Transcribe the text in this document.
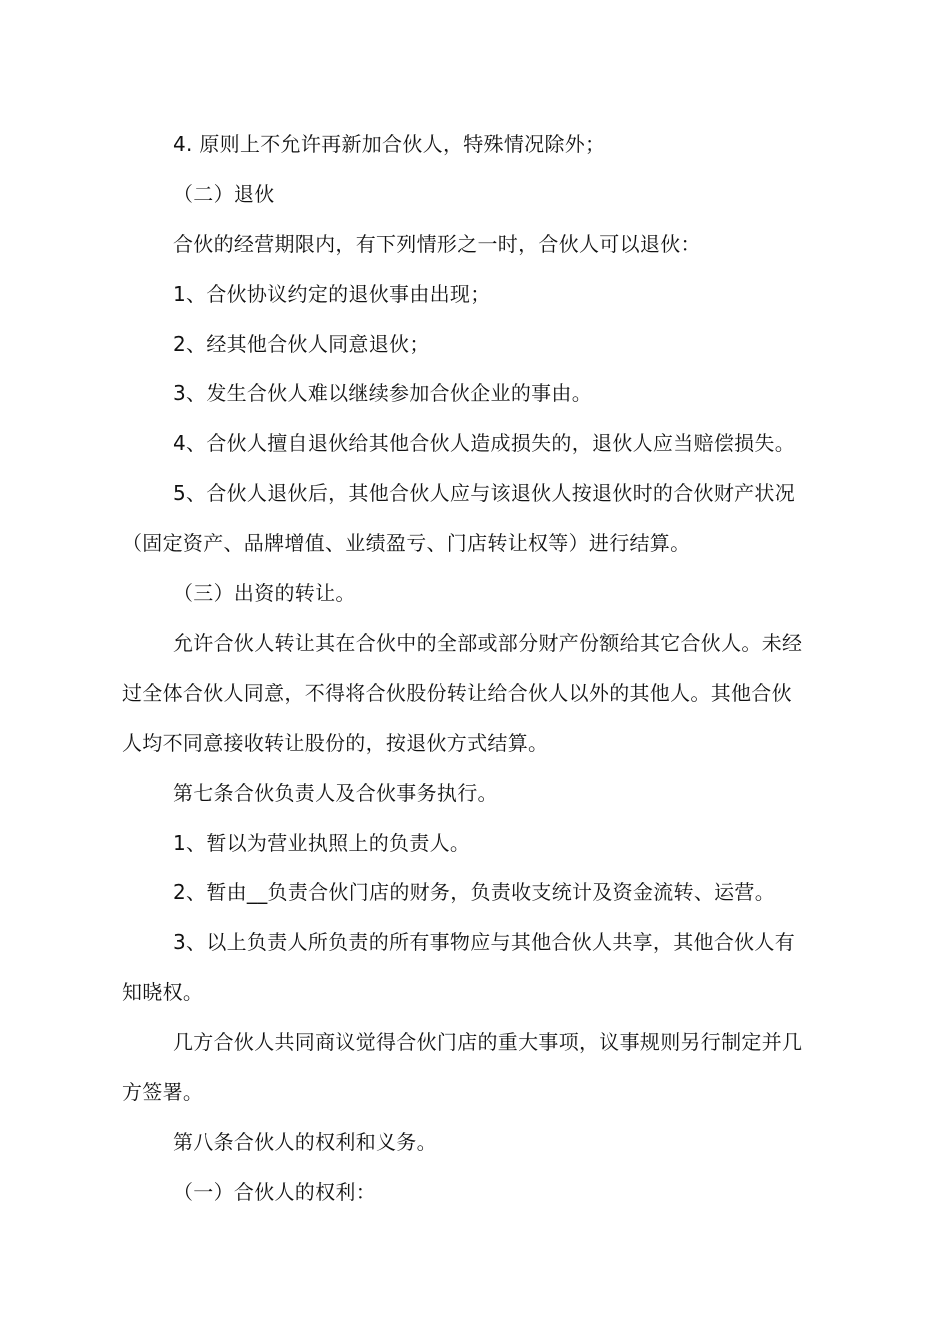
4. 原则上不允许再新加合伙人，特殊情况除外；
（二）退伙
合伙的经营期限内，有下列情形之一时，合伙人可以退伙：
1、合伙协议约定的退伙事由出现；
2、经其他合伙人同意退伙；
3、发生合伙人难以继续参加合伙企业的事由。
4、合伙人擅自退伙给其他合伙人造成损失的，退伙人应当赔偿损失。
5、合伙人退伙后，其他合伙人应与该退伙人按退伙时的合伙财产状况
（固定资产、品牌增值、业绩盈亏、门店转让权等）进行结算。
（三）出资的转让。
允许合伙人转让其在合伙中的全部或部分财产份额给其它合伙人。未经
过全体合伙人同意，不得将合伙股份转让给合伙人以外的其他人。其他合伙
人均不同意接收转让股份的，按退伙方式结算。
第七条合伙负责人及合伙事务执行。
1、暂以为营业执照上的负责人。
2、暂由__负责合伙门店的财务，负责收支统计及资金流转、运营。
3、以上负责人所负责的所有事物应与其他合伙人共享，其他合伙人有
知晓权。
几方合伙人共同商议觉得合伙门店的重大事项，议事规则另行制定并几
方签署。
第八条合伙人的权利和义务。
（一）合伙人的权利：
